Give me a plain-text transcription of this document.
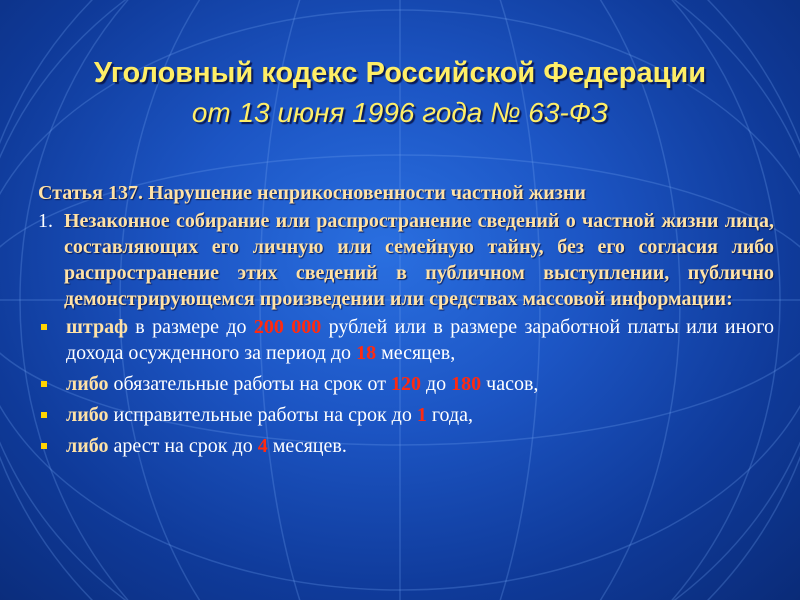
Уголовный кодекс Российской Федерации
от 13 июня 1996 года № 63-ФЗ
Статья 137. Нарушение неприкосновенности частной жизни
1. Незаконное собирание или распространение сведений о частной жизни лица, составляющих его личную или семейную тайну, без его согласия либо распространение этих сведений в публичном выступлении, публично демонстрирующемся произведении или средствах массовой информации:
штраф в размере до 200 000 рублей или в размере заработной платы или иного дохода осужденного за период до 18 месяцев,
либо обязательные работы на срок от 120 до 180 часов,
либо исправительные работы на срок до 1 года,
либо арест на срок до 4 месяцев.
